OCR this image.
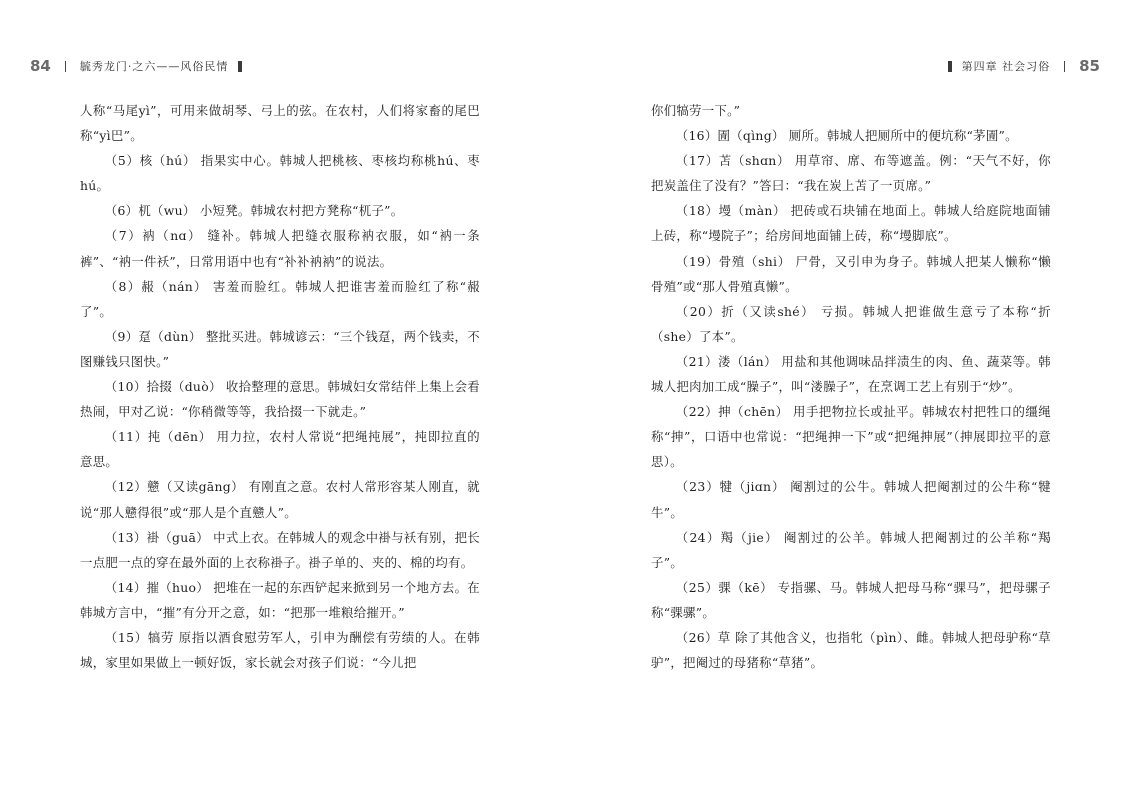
84	毓秀龙门·之六——风俗民情	第四章 社会习俗 85

人称“马尾yì”，可用来做胡琴、弓上的弦。在农村，人们将家畜的尾巴称“yì巴”。

（5）核（hú） 指果实中心。韩城人把桃核、枣核均称桃hú、枣hú。

（6）杌（wu） 小短凳。韩城农村把方凳称“杌子”。

（7）衲（nɑ） 缝补。韩城人把缝衣服称衲衣服，如“衲一条裤”、“衲一件袄”，日常用语中也有“补补衲衲”的说法。

（8）赧（nán） 害羞而脸红。韩城人把谁害羞而脸红了称“赧了”。

（9）趸（dùn） 整批买进。韩城谚云：“三个钱趸，两个钱卖，不图赚钱只图快。”

（10）拾掇（duò） 收拾整理的意思。韩城妇女常结伴上集上会看热闹，甲对乙说：“你稍微等等，我拾掇一下就走。”

（11）扽（dēn） 用力拉，农村人常说“把绳扽展”，扽即拉直的意思。

（12）戆（又读gāng） 有刚直之意。农村人常形容某人刚直，就说“那人戆得很”或“那人是个直戆人”。

（13）褂（guā） 中式上衣。在韩城人的观念中褂与袄有别，把长一点肥一点的穿在最外面的上衣称褂子。褂子单的、夹的、棉的均有。

（14）摧（huo） 把堆在一起的东西铲起来掀到另一个地方去。在韩城方言中，“摧”有分开之意，如：“把那一堆粮给摧开。”

（15）犒劳 原指以酒食慰劳军人，引申为酬偿有劳绩的人。在韩城，家里如果做上一顿好饭，家长就会对孩子们说：“今儿把

你们犒劳一下。”

（16）圊（qìng） 厕所。韩城人把厕所中的便坑称“茅圊”。

（17）苫（shɑn） 用草帘、席、布等遮盖。例：“天气不好，你把炭盖住了没有？”答曰：“我在炭上苫了一页席。”

（18）墁（màn） 把砖或石块铺在地面上。韩城人给庭院地面铺上砖，称“墁院子”；给房间地面铺上砖，称“墁脚底”。

（19）骨殖（shi） 尸骨，又引申为身子。韩城人把某人懒称“懒骨殖”或“那人骨殖真懒”。

（20）折（又读shé） 亏损。韩城人把谁做生意亏了本称“折（she）了本”。

（21）溇（lán） 用盐和其他调味品拌渍生的肉、鱼、蔬菜等。韩城人把肉加工成“臊子”，叫“溇臊子”，在烹调工艺上有别于“炒”。

（22）抻（chēn） 用手把物拉长或扯平。韩城农村把牲口的缰绳称“抻”，口语中也常说：“把绳抻一下”或“把绳抻展”（抻展即拉平的意思）。

（23）犍（jiɑn） 阉割过的公牛。韩城人把阉割过的公牛称“犍牛”。

（24）羯（jie） 阉割过的公羊。韩城人把阉割过的公羊称“羯子”。

（25）骒（kē） 专指骡、马。韩城人把母马称“骒马”，把母骡子称“骒骡”。

（26）草 除了其他含义，也指牝（pìn）、雌。韩城人把母驴称“草驴”，把阉过的母猪称“草猪”。
